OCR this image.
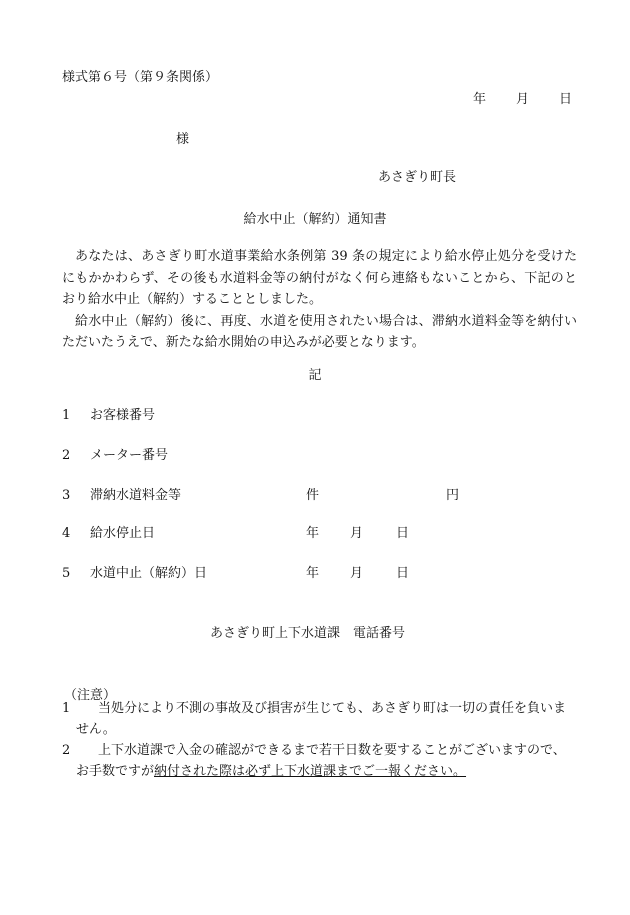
様式第６号（第９条関係）
年 月 日
様
あさぎり町長
給水中止（解約）通知書

あなたは、あさぎり町水道事業給水条例第 39 条の規定により給水停止処分を受けたにもかかわらず、その後も水道料金等の納付がなく何ら連絡もないことから、下記のとおり給水中止（解約）することとしました。

給水中止（解約）後に、再度、水道を使用されたい場合は、滞納水道料金等を納付いただいたうえで、新たな給水開始の申込みが必要となります。

記
1 お客様番号
2 メーター番号
3 滞納水道料金等	件	円
4 給水停止日	年 月	日
5 水道中止（解約）日	年 月	日
あさぎり町上下水道課　電話番号
（注意）
1	当処分により不測の事故及び損害が生じても、あさぎり町は一切の責任を負いません。
2	上下水道課で入金の確認ができるまで若干日数を要することがございますので、お手数ですが納付された際は必ず上下水道課までご一報ください。
